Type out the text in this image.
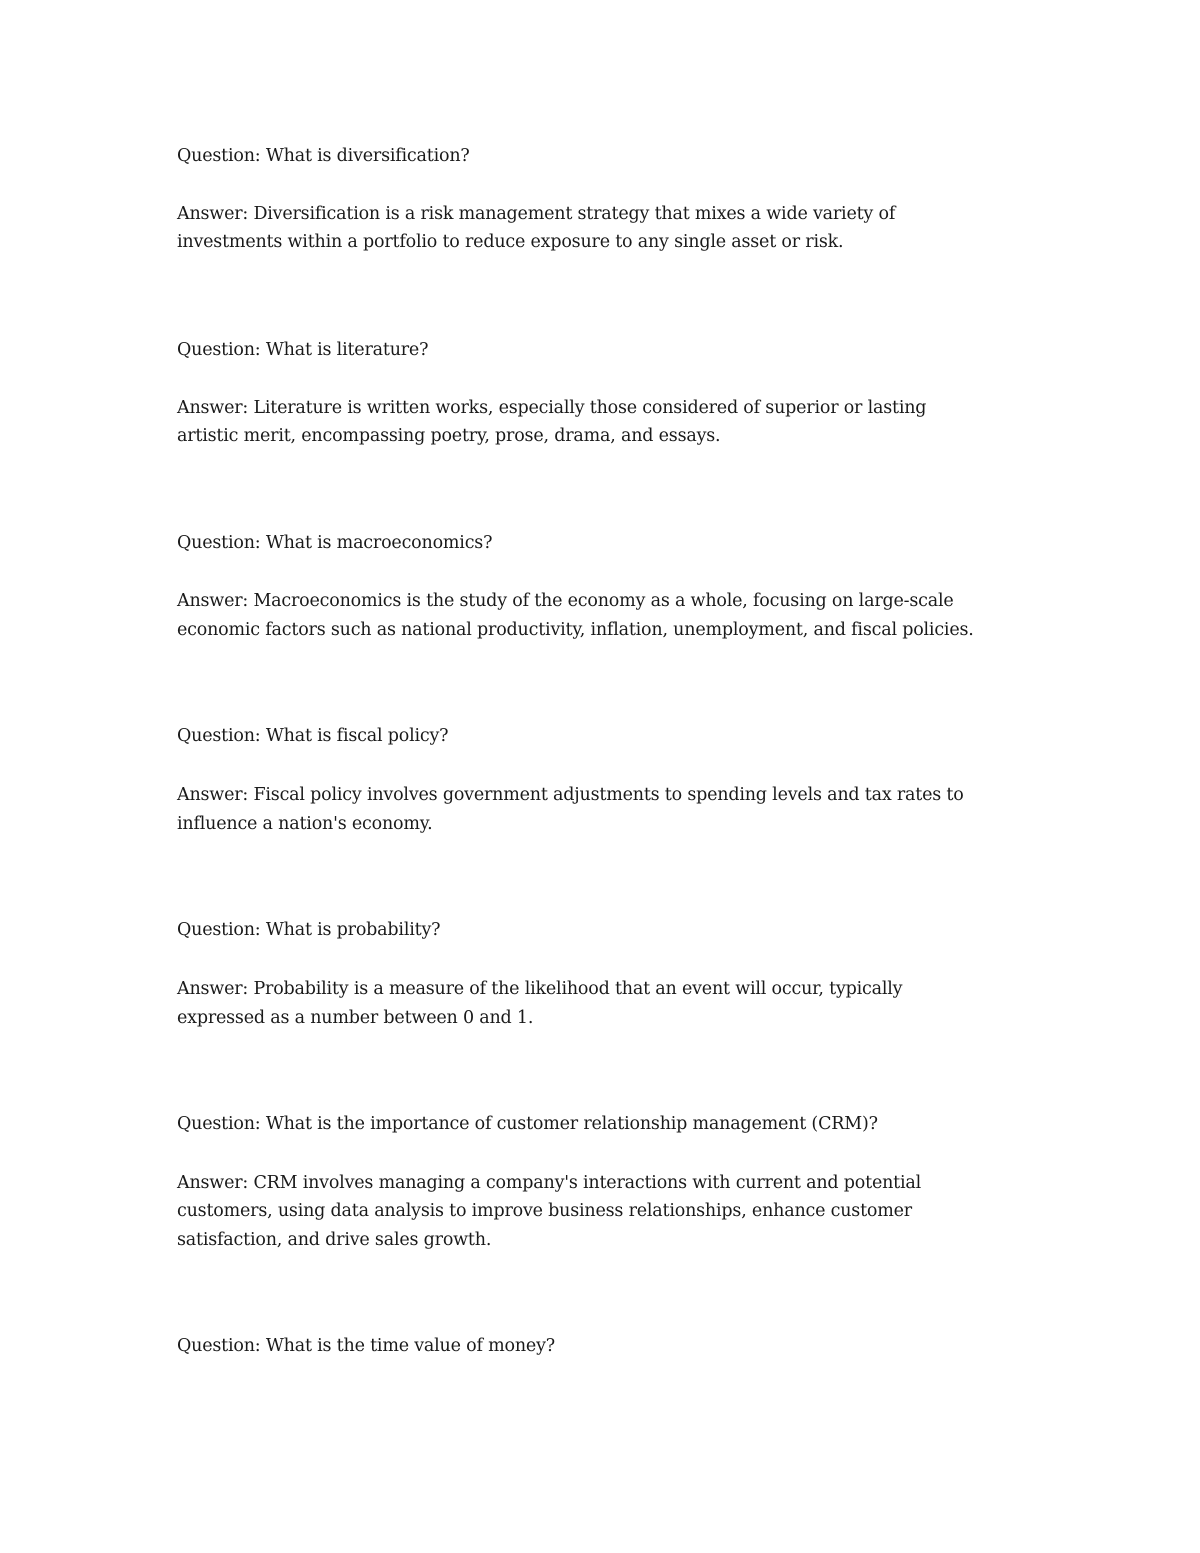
Question: What is diversification?
Answer: Diversification is a risk management strategy that mixes a wide variety of
investments within a portfolio to reduce exposure to any single asset or risk.
Question: What is literature?
Answer: Literature is written works, especially those considered of superior or lasting
artistic merit, encompassing poetry, prose, drama, and essays.
Question: What is macroeconomics?
Answer: Macroeconomics is the study of the economy as a whole, focusing on large-scale
economic factors such as national productivity, inflation, unemployment, and fiscal policies.
Question: What is fiscal policy?
Answer: Fiscal policy involves government adjustments to spending levels and tax rates to
influence a nation's economy.
Question: What is probability?
Answer: Probability is a measure of the likelihood that an event will occur, typically
expressed as a number between 0 and 1.
Question: What is the importance of customer relationship management (CRM)?
Answer: CRM involves managing a company's interactions with current and potential
customers, using data analysis to improve business relationships, enhance customer
satisfaction, and drive sales growth.
Question: What is the time value of money?
